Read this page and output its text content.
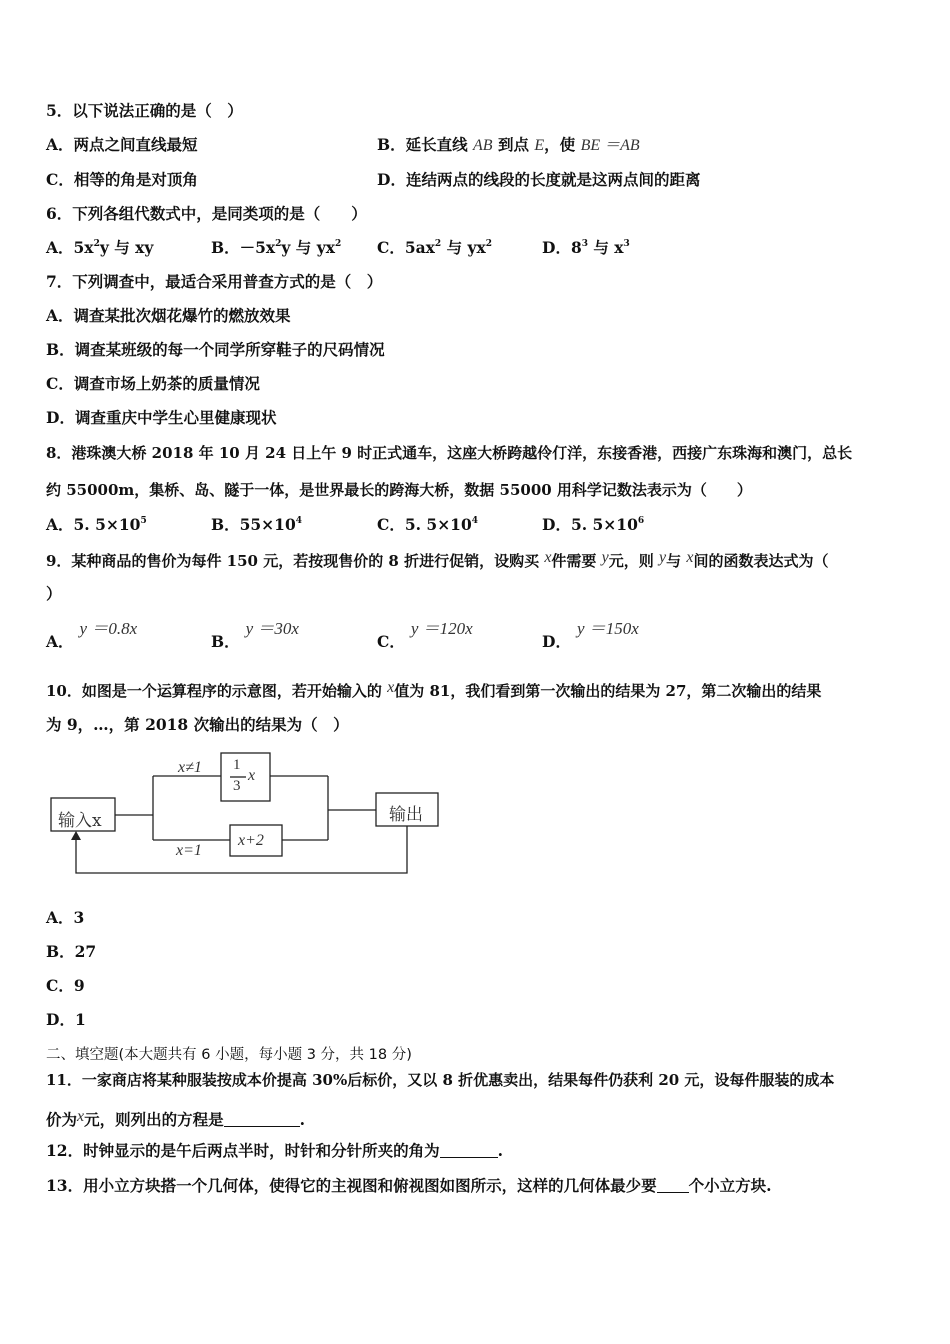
5．以下说法正确的是（　）
A．两点之间直线最短	B．延长直线 AB 到点 E，使 BE ＝AB
C．相等的角是对顶角	D．连结两点的线段的长度就是这两点间的距离
6．下列各组代数式中，是同类项的是（　　）
A．$5x^2y$ 与 xy	B．$-5x^2y$ 与 $yx^2$ C．$5ax^2$ 与 $yx^2$	D．$8^3$ 与 $x^3$
7．下列调查中，最适合采用普查方式的是（　）
A．调查某批次烟花爆竹的燃放效果
B．调查某班级的每一个同学所穿鞋子的尺码情况
C．调查市场上奶茶的质量情况
D．调查重庆中学生心里健康现状
8．港珠澳大桥 2018 年 10 月 24 日上午 9 时正式通车，这座大桥跨越伶仃洋，东接香港，西接广东珠海和澳门，总长
约 55000m，集桥、岛、隧于一体，是世界最长的跨海大桥，数据 55000 用科学记数法表示为（　　）
A．5. $5\times 10^5$	B．$55\times 10^4$	C．5. $5\times 10^4$	D．5. $5\times 10^6$
9．某种商品的售价为每件 150 元，若按现售价的 8 折进行促销，设购买 x件需要 y元，则 y与 x间的函数表达式为（
）
A．y ＝0.8x
B．y ＝30x
C．y ＝120x
D．y ＝150x
10．如图是一个运算程序的示意图，若开始输入的 x值为 81，我们看到第一次输出的结果为 27，第二次输出的结果
为 9，…，第 2018 次输出的结果为（　）
输入x	输出
x≠1
x=1
1
3
x
x+2
A．3
B．27
C．9
D．1
二、填空题(本大题共有 6 小题，每小题 3 分，共 18 分)
11．一家商店将某种服装按成本价提高 30%后标价，又以 8 折优惠卖出，结果每件仍获利 20 元，设每件服装的成本
价为x元，则列出的方程是	.
12．时钟显示的是午后两点半时，时针和分针所夹的角为	.
13．用小立方块搭一个几何体，使得它的主视图和俯视图如图所示，这样的几何体最少要 个小立方块.
